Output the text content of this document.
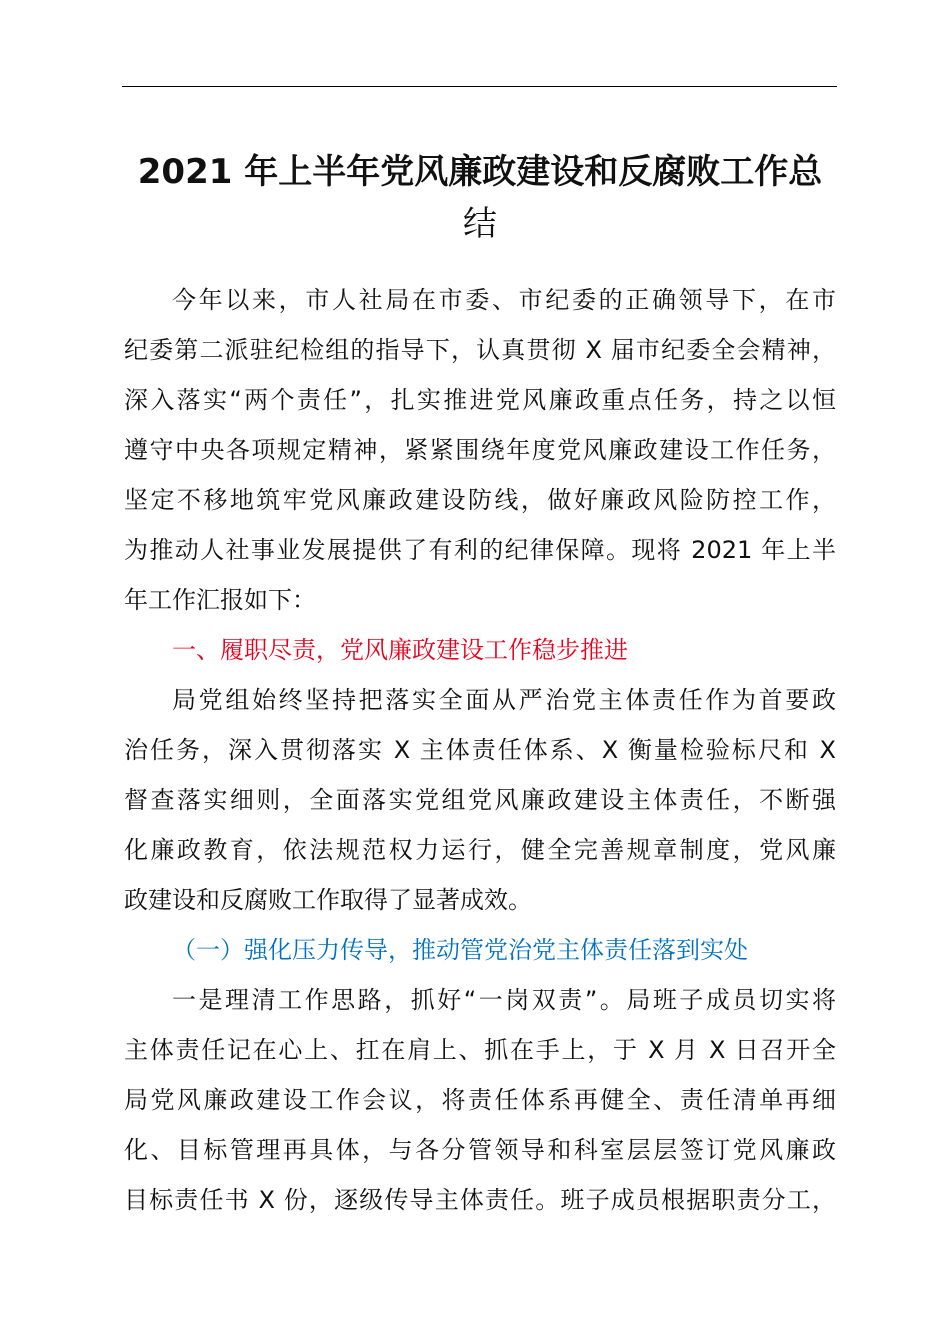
2021 年上半年党风廉政建设和反腐败工作总
结

今年以来，市人社局在市委、市纪委的正确领导下，在市

纪委第二派驻纪检组的指导下，认真贯彻 X 届市纪委全会精神，

深入落实“两个责任”，扎实推进党风廉政重点任务，持之以恒

遵守中央各项规定精神，紧紧围绕年度党风廉政建设工作任务，

坚定不移地筑牢党风廉政建设防线，做好廉政风险防控工作，

为推动人社事业发展提供了有利的纪律保障。现将 2021 年上半

年工作汇报如下：

一、履职尽责，党风廉政建设工作稳步推进

局党组始终坚持把落实全面从严治党主体责任作为首要政

治任务，深入贯彻落实 X 主体责任体系、X 衡量检验标尺和 X

督查落实细则，全面落实党组党风廉政建设主体责任，不断强

化廉政教育，依法规范权力运行，健全完善规章制度，党风廉

政建设和反腐败工作取得了显著成效。

（一）强化压力传导，推动管党治党主体责任落到实处

一是理清工作思路，抓好“一岗双责”。局班子成员切实将

主体责任记在心上、扛在肩上、抓在手上，于 X 月 X 日召开全

局党风廉政建设工作会议，将责任体系再健全、责任清单再细

化、目标管理再具体，与各分管领导和科室层层签订党风廉政

目标责任书 X 份，逐级传导主体责任。班子成员根据职责分工，
